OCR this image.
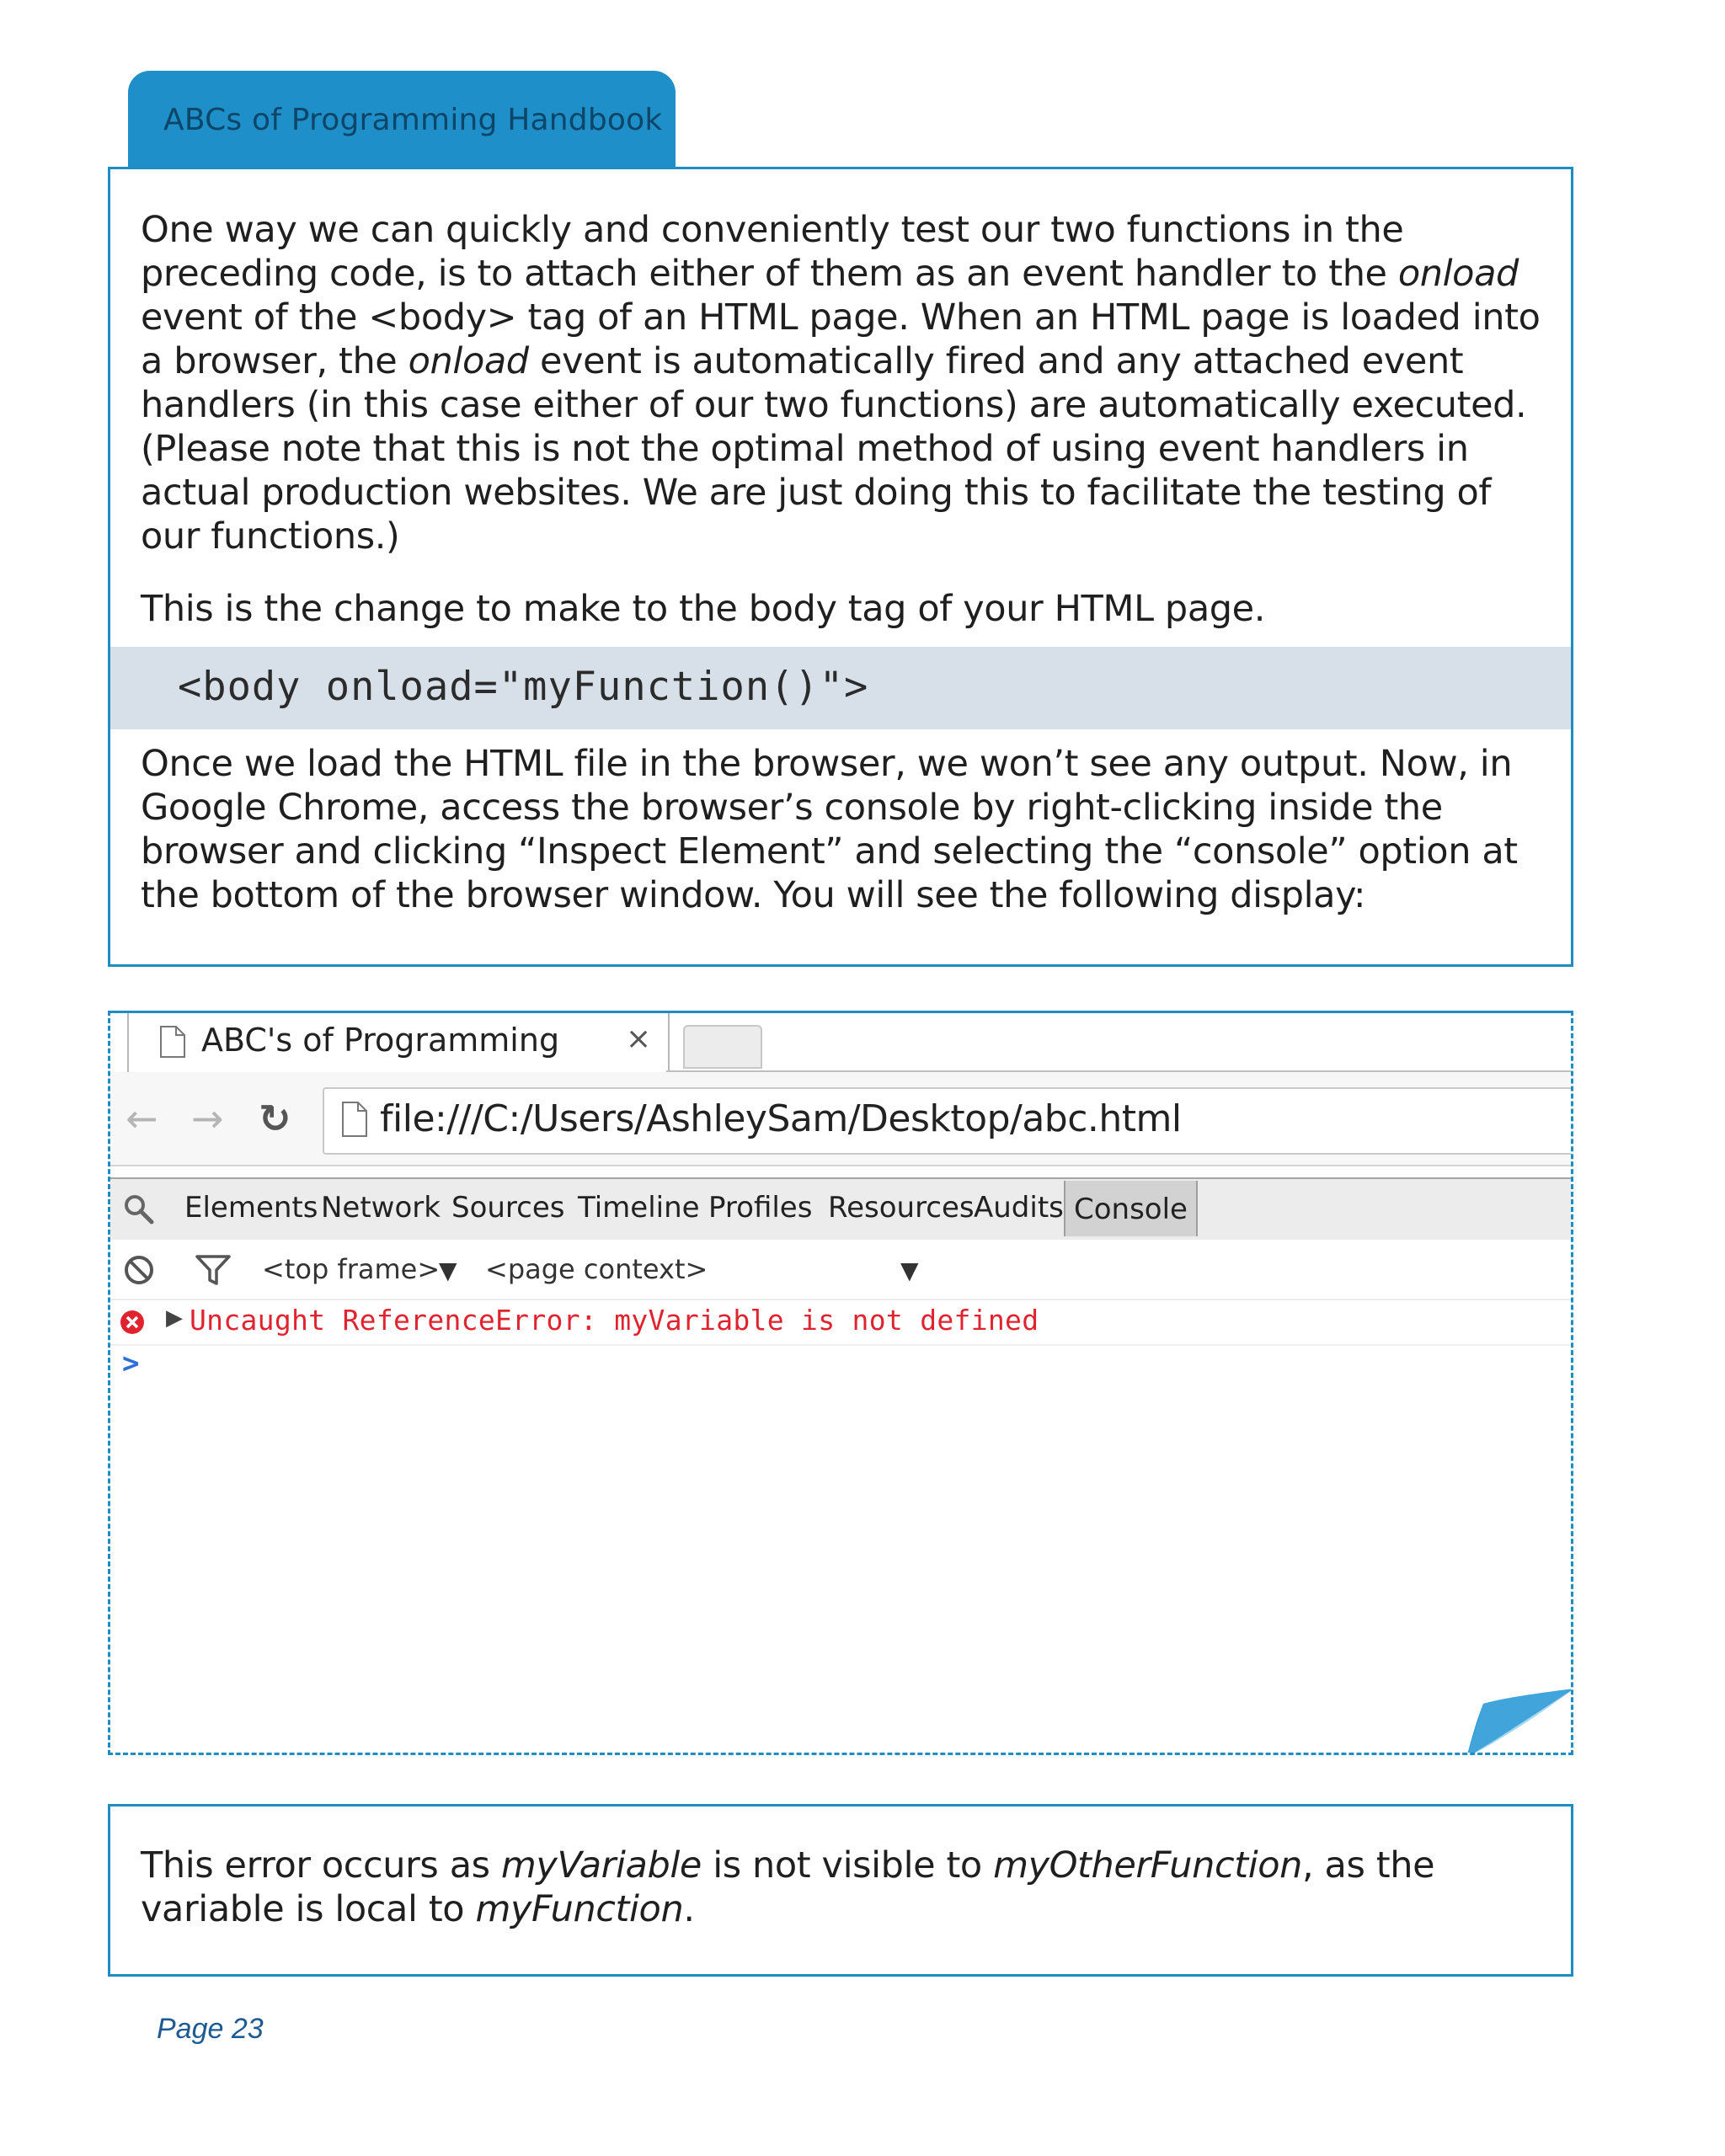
ABCs of Programming Handbook

One way we can quickly and conveniently test our two functions in the preceding code, is to attach either of them as an event handler to the onload event of the <body> tag of an HTML page. When an HTML page is loaded into a browser, the onload event is automatically fired and any attached event handlers (in this case either of our two functions) are automatically executed. (Please note that this is not the optimal method of using event handlers in actual production websites. We are just doing this to facilitate the testing of our functions.)

This is the change to make to the body tag of your HTML page.

<body onload="myFunction()">

Once we load the HTML file in the browser, we won’t see any output. Now, in Google Chrome, access the browser’s console by right-clicking inside the browser and clicking “Inspect Element” and selecting the “console” option at the bottom of the browser window. You will see the following display:

ABC's of Programming ×
← → ↻ file:///C:/Users/AshleySam/Desktop/abc.html
Elements Network Sources Timeline Profiles Resources Audits Console
<top frame>
▼ <page context>	▼
▶ Uncaught ReferenceError: myVariable is not defined
>

This error occurs as myVariable is not visible to myOtherFunction, as the variable is local to myFunction.

Page 23
